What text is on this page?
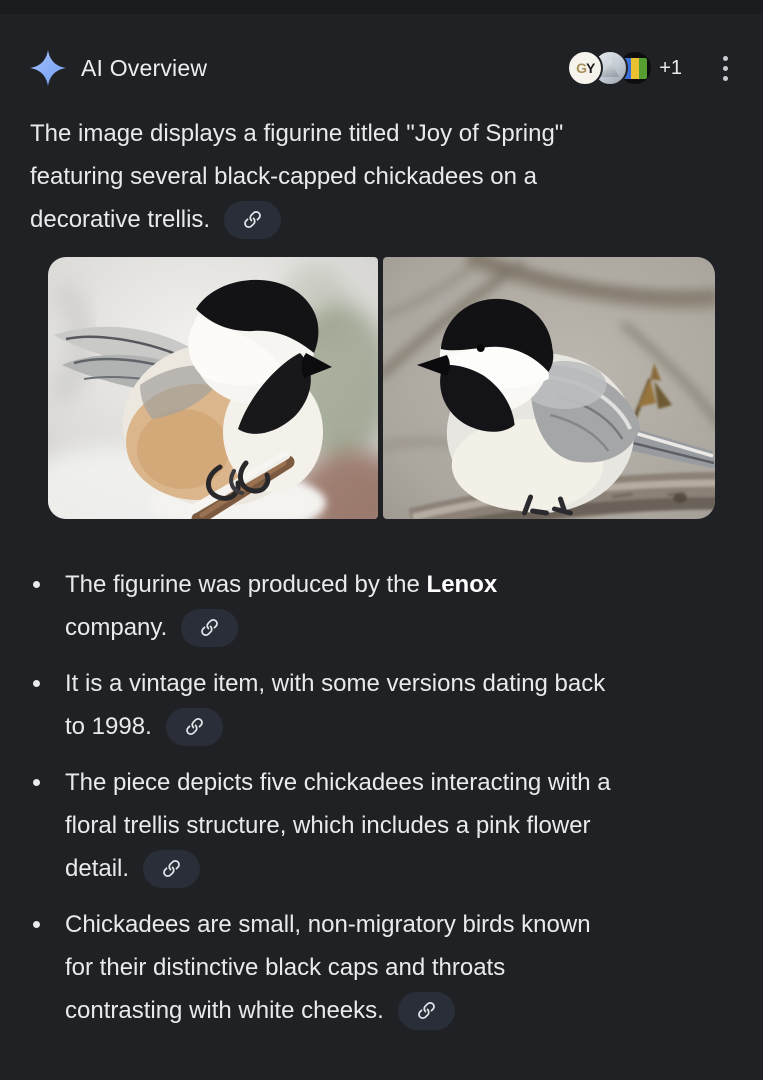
AI Overview	GY	+1
The image displays a figurine titled "Joy of Spring"
featuring several black-capped chickadees on a
decorative trellis.
The figurine was produced by the Lenox
company.
It is a vintage item, with some versions dating back
to 1998.
The piece depicts five chickadees interacting with a
floral trellis structure, which includes a pink flower
detail.
Chickadees are small, non-migratory birds known
for their distinctive black caps and throats
contrasting with white cheeks.
